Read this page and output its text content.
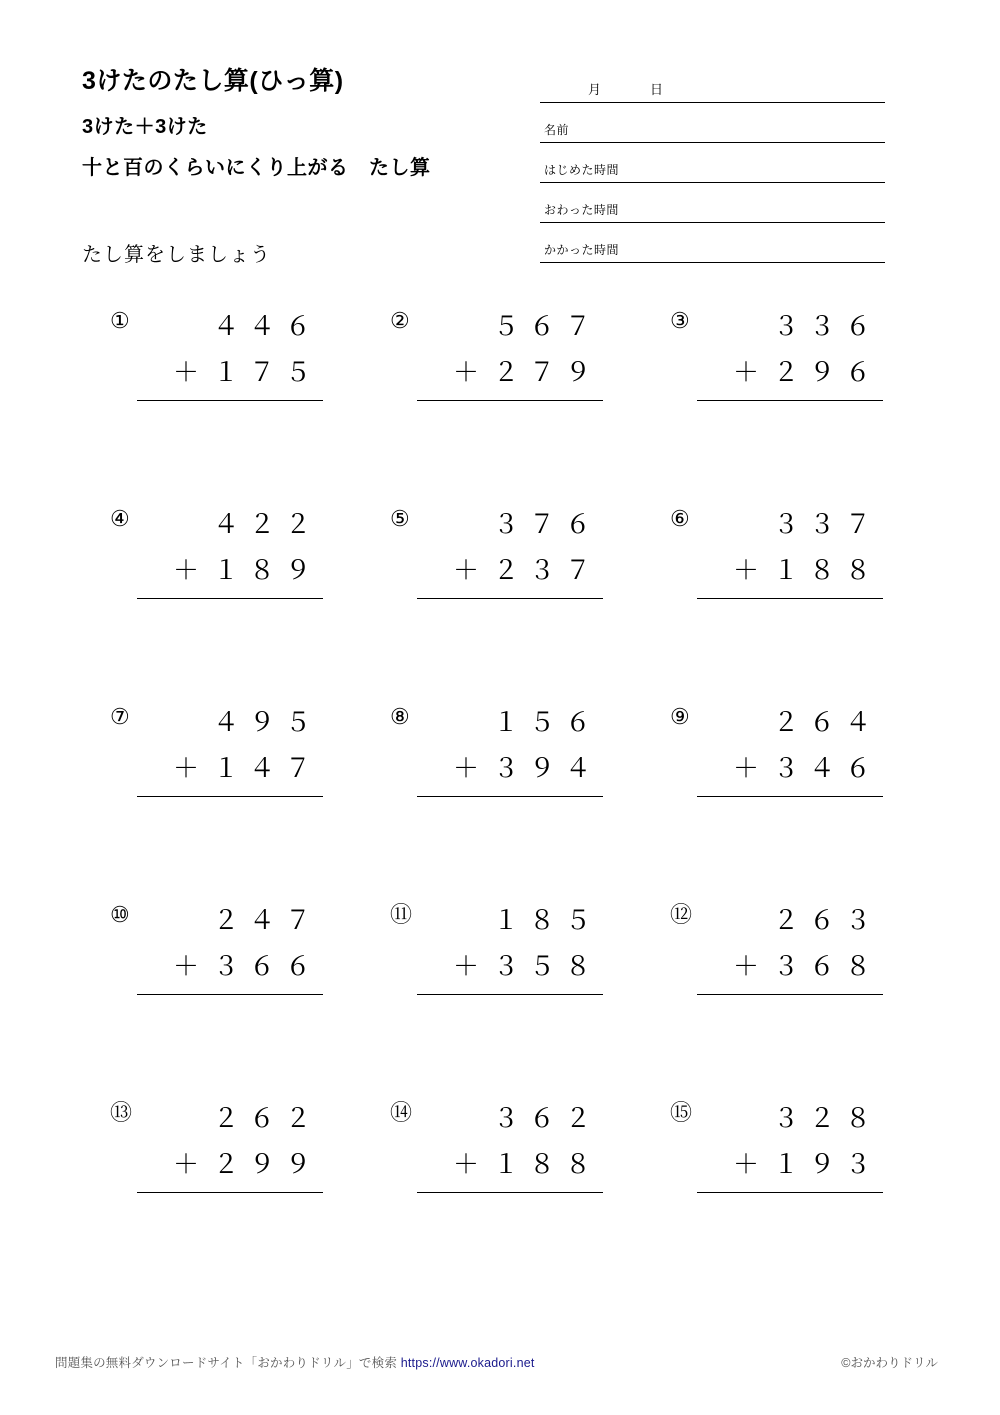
3けたのたし算(ひっ算)
3けた＋3けた
十と百のくらいにくり上がる　たし算
たし算をしましょう
月	日
名前
はじめた時間
おわった時間
かかった時間
①	４４６
＋ １７５
②	５６７
＋ ２７９
③	３３６
＋ ２９６
④	４２２
＋ １８９
⑤	３７６
＋ ２３７
⑥	３３７
＋ １８８
⑦	４９５
＋ １４７
⑧	１５６
＋ ３９４
⑨	２６４
＋ ３４６
⑩	２４７
＋ ３６６
⑪	１８５
＋ ３５８
⑫	２６３
＋ ３６８
⑬	２６２
＋ ２９９
⑭	３６２
＋ １８８
⑮	３２８
＋ １９３
問題集の無料ダウンロードサイト「おかわりドリル」で検索 https://www.okadori.net	©おかわりドリル
